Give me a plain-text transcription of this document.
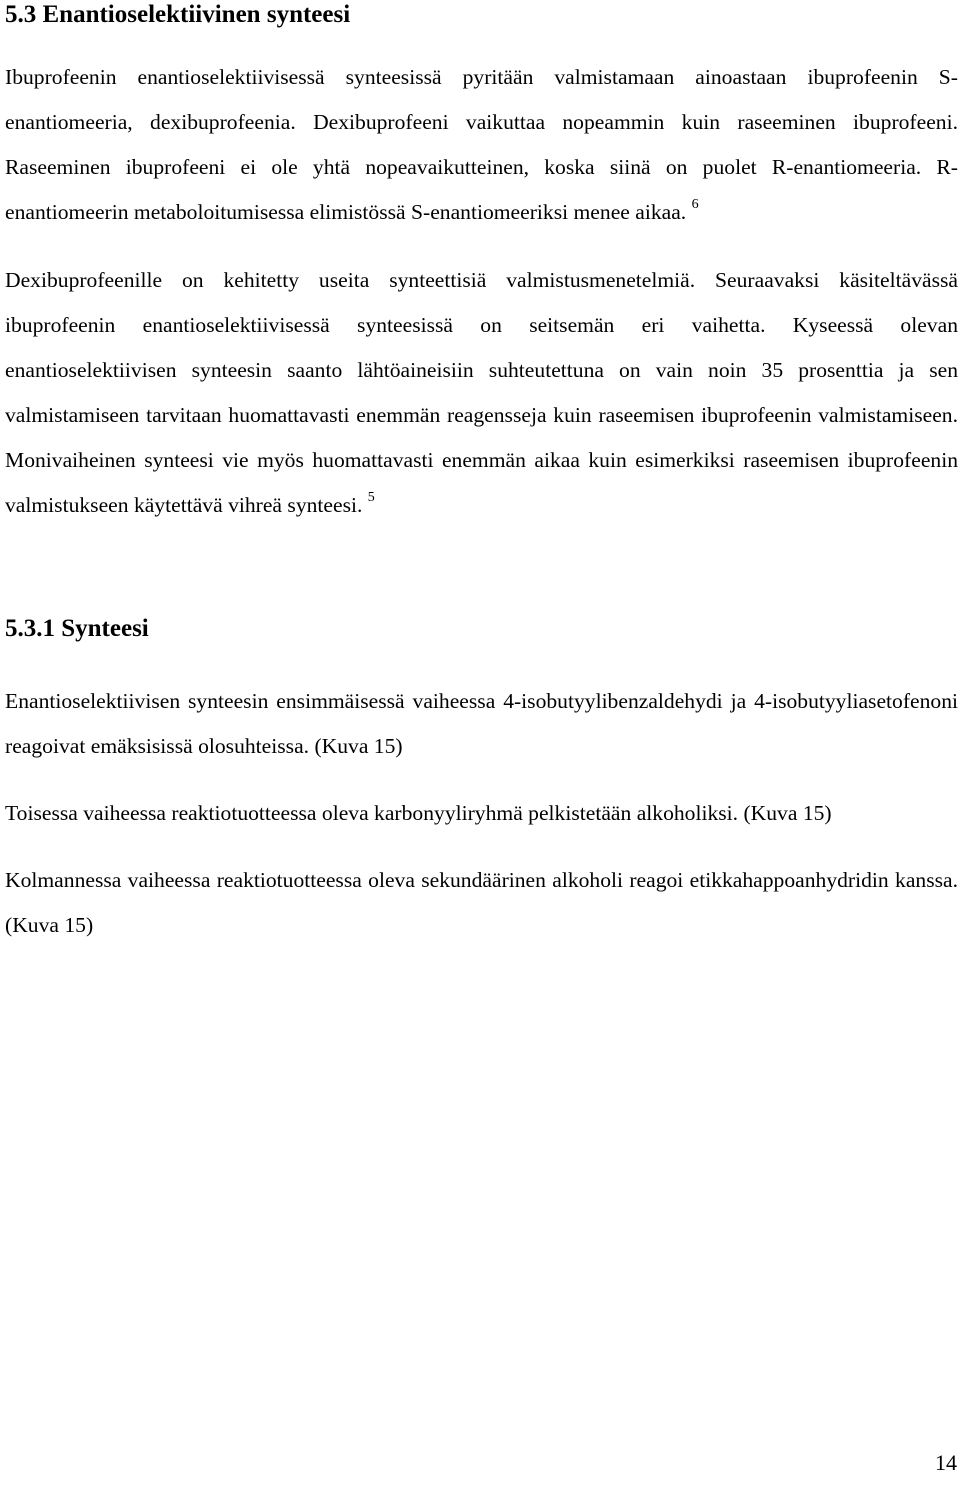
5.3 Enantioselektiivinen synteesi

Ibuprofeenin enantioselektiivisessä synteesissä pyritään valmistamaan ainoastaan ibuprofeenin S-enantiomeeria, dexibuprofeenia. Dexibuprofeeni vaikuttaa nopeammin kuin raseeminen ibuprofeeni. Raseeminen ibuprofeeni ei ole yhtä nopeavaikutteinen, koska siinä on puolet R-enantiomeeria. R-enantiomeerin metaboloitumisessa elimistössä S-enantiomeeriksi menee aikaa. $^6$

Dexibuprofeenille on kehitetty useita synteettisiä valmistusmenetelmiä. Seuraavaksi käsiteltävässä ibuprofeenin enantioselektiivisessä synteesissä on seitsemän eri vaihetta. Kyseessä olevan enantioselektiivisen synteesin saanto lähtöaineisiin suhteutettuna on vain noin 35 prosenttia ja sen valmistamiseen tarvitaan huomattavasti enemmän reagensseja kuin raseemisen ibuprofeenin valmistamiseen. Monivaiheinen synteesi vie myös huomattavasti enemmän aikaa kuin esimerkiksi raseemisen ibuprofeenin valmistukseen käytettävä vihreä synteesi. $^5$

5.3.1 Synteesi

Enantioselektiivisen synteesin ensimmäisessä vaiheessa 4-isobutyylibenzaldehydi ja 4-isobutyyliasetofenoni reagoivat emäksisissä olosuhteissa. (Kuva 15)

Toisessa vaiheessa reaktiotuotteessa oleva karbonyyliryhmä pelkistetään alkoholiksi. (Kuva 15)

Kolmannessa vaiheessa reaktiotuotteessa oleva sekundäärinen alkoholi reagoi etikkahappoanhydridin kanssa. (Kuva 15)

14
